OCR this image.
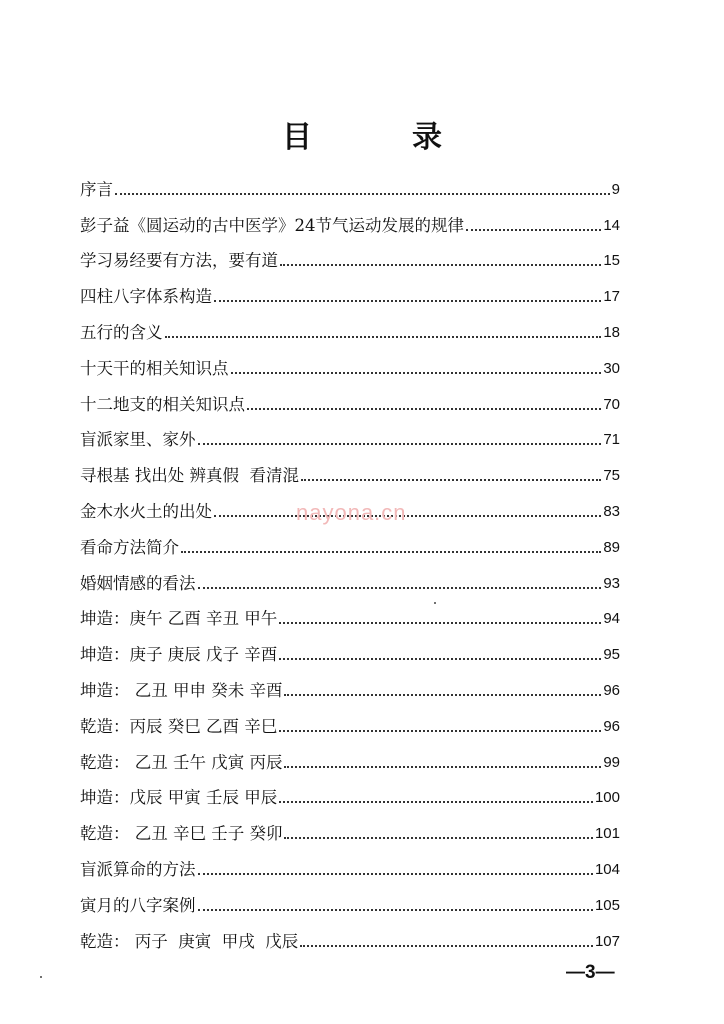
目录
序言	9
彭子益《圆运动的古中医学》24节气运动发展的规律	14
学习易经要有方法，要有道	15
四柱八字体系构造	17
五行的含义	18
十天干的相关知识点	30
十二地支的相关知识点	70
盲派家里、家外	71
寻根基 找出处 辨真假  看清混	75
金木水火土的出处	83
看命方法简介	89
婚姻情感的看法	93
坤造：庚午 乙酉 辛丑 甲午	94
坤造：庚子 庚辰 戊子 辛酉	95
坤造： 乙丑 甲申 癸未 辛酉	96
乾造：丙辰 癸巳 乙酉 辛巳	96
乾造： 乙丑 壬午 戊寅 丙辰	99
坤造：戊辰 甲寅 壬辰 甲辰	100
乾造： 乙丑 辛巳 壬子 癸卯	101
盲派算命的方法	104
寅月的八字案例	105
乾造： 丙子  庚寅  甲戌  戊辰	107
nayona.cn
—3—
